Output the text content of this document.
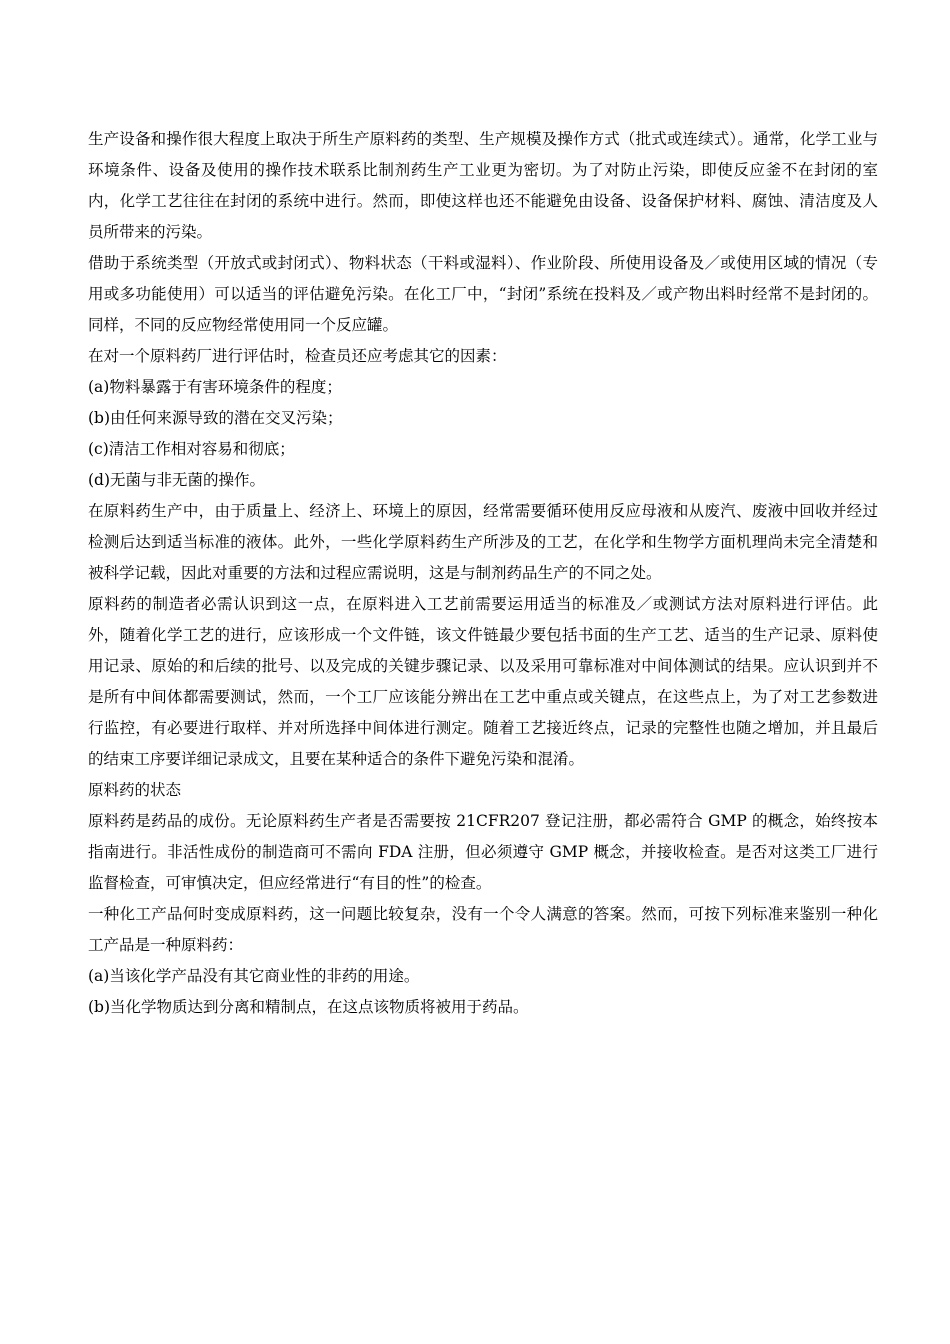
生产设备和操作很大程度上取决于所生产原料药的类型、生产规模及操作方式（批式或连续式）。通常，化学工业与环境条件、设备及使用的操作技术联系比制剂药生产工业更为密切。为了对防止污染，即使反应釜不在封闭的室内，化学工艺往往在封闭的系统中进行。然而，即使这样也还不能避免由设备、设备保护材料、腐蚀、清洁度及人员所带来的污染。

借助于系统类型（开放式或封闭式）、物料状态（干料或湿料）、作业阶段、所使用设备及／或使用区域的情况（专用或多功能使用）可以适当的评估避免污染。在化工厂中，“封闭”系统在投料及／或产物出料时经常不是封闭的。同样，不同的反应物经常使用同一个反应罐。

在对一个原料药厂进行评估时，检查员还应考虑其它的因素：

(a)物料暴露于有害环境条件的程度；

(b)由任何来源导致的潜在交叉污染；

(c)清洁工作相对容易和彻底；

(d)无菌与非无菌的操作。

在原料药生产中，由于质量上、经济上、环境上的原因，经常需要循环使用反应母液和从废汽、废液中回收并经过检测后达到适当标准的液体。此外，一些化学原料药生产所涉及的工艺，在化学和生物学方面机理尚未完全清楚和被科学记载，因此对重要的方法和过程应需说明，这是与制剂药品生产的不同之处。

原料药的制造者必需认识到这一点，在原料进入工艺前需要运用适当的标准及／或测试方法对原料进行评估。此外，随着化学工艺的进行，应该形成一个文件链，该文件链最少要包括书面的生产工艺、适当的生产记录、原料使用记录、原始的和后续的批号、以及完成的关键步骤记录、以及采用可靠标准对中间体测试的结果。应认识到并不是所有中间体都需要测试，然而，一个工厂应该能分辨出在工艺中重点或关键点，在这些点上，为了对工艺参数进行监控，有必要进行取样、并对所选择中间体进行测定。随着工艺接近终点，记录的完整性也随之增加，并且最后的结束工序要详细记录成文，且要在某种适合的条件下避免污染和混淆。

原料药的状态

原料药是药品的成份。无论原料药生产者是否需要按 21CFR207 登记注册，都必需符合 GMP 的概念，始终按本指南进行。非活性成份的制造商可不需向 FDA 注册，但必须遵守 GMP 概念，并接收检查。是否对这类工厂进行监督检查，可审慎决定，但应经常进行“有目的性”的检查。

一种化工产品何时变成原料药，这一问题比较复杂，没有一个令人满意的答案。然而，可按下列标准来鉴别一种化工产品是一种原料药：

(a)当该化学产品没有其它商业性的非药的用途。

(b)当化学物质达到分离和精制点，在这点该物质将被用于药品。
